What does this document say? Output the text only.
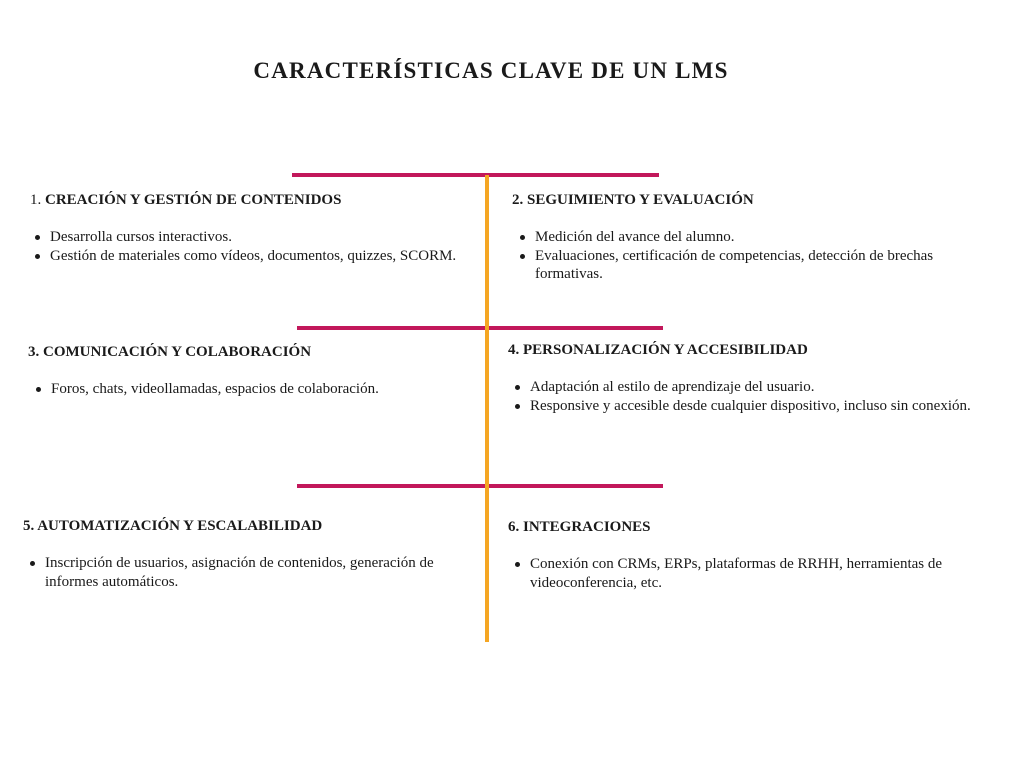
CARACTERÍSTICAS CLAVE DE UN LMS
1. CREACIÓN Y GESTIÓN DE CONTENIDOS
Desarrolla cursos interactivos.
Gestión de materiales como vídeos, documentos, quizzes, SCORM.
2. SEGUIMIENTO Y EVALUACIÓN
Medición del avance del alumno.
Evaluaciones, certificación de competencias, detección de brechas formativas.
3. COMUNICACIÓN Y COLABORACIÓN
Foros, chats, videollamadas, espacios de colaboración.
4. PERSONALIZACIÓN Y ACCESIBILIDAD
Adaptación al estilo de aprendizaje del usuario.
Responsive y accesible desde cualquier dispositivo, incluso sin conexión.
5. AUTOMATIZACIÓN Y ESCALABILIDAD
Inscripción de usuarios, asignación de contenidos, generación de informes automáticos.
6. INTEGRACIONES
Conexión con CRMs, ERPs, plataformas de RRHH, herramientas de videoconferencia, etc.
